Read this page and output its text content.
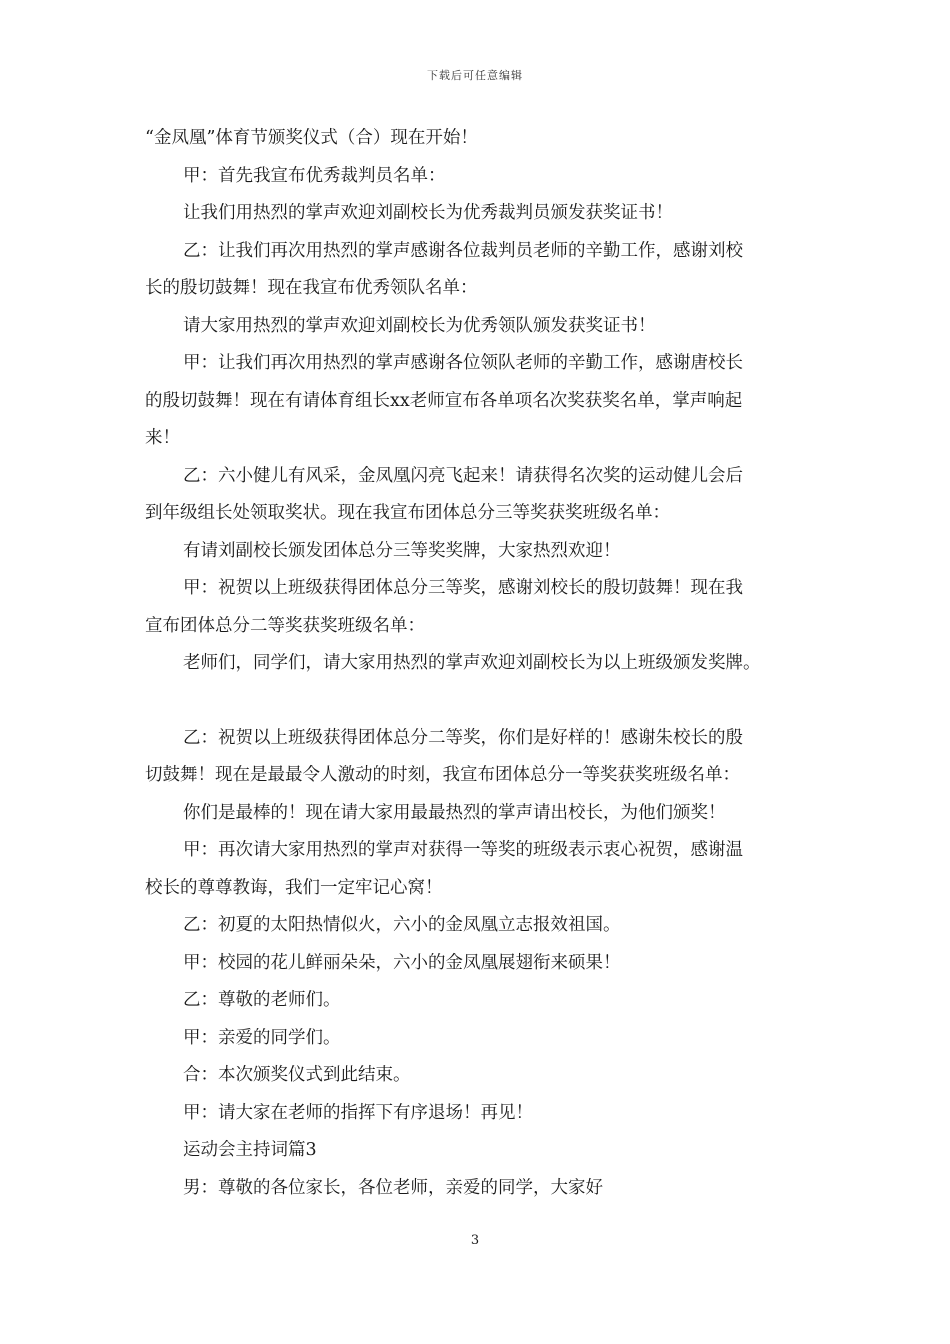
下载后可任意编辑
“金凤凰”体育节颁奖仪式（合）现在开始！
甲：首先我宣布优秀裁判员名单：
让我们用热烈的掌声欢迎刘副校长为优秀裁判员颁发获奖证书！
乙：让我们再次用热烈的掌声感谢各位裁判员老师的辛勤工作，感谢刘校
长的殷切鼓舞！现在我宣布优秀领队名单：
请大家用热烈的掌声欢迎刘副校长为优秀领队颁发获奖证书！
甲：让我们再次用热烈的掌声感谢各位领队老师的辛勤工作，感谢唐校长
的殷切鼓舞！现在有请体育组长xx老师宣布各单项名次奖获奖名单，掌声响起
来！
乙：六小健儿有风采，金凤凰闪亮飞起来！请获得名次奖的运动健儿会后
到年级组长处领取奖状。现在我宣布团体总分三等奖获奖班级名单：
有请刘副校长颁发团体总分三等奖奖牌，大家热烈欢迎！
甲：祝贺以上班级获得团体总分三等奖，感谢刘校长的殷切鼓舞！现在我
宣布团体总分二等奖获奖班级名单：
老师们，同学们，请大家用热烈的掌声欢迎刘副校长为以上班级颁发奖牌。
乙：祝贺以上班级获得团体总分二等奖，你们是好样的！感谢朱校长的殷
切鼓舞！现在是最最令人激动的时刻，我宣布团体总分一等奖获奖班级名单：
你们是最棒的！现在请大家用最最热烈的掌声请出校长，为他们颁奖！
甲：再次请大家用热烈的掌声对获得一等奖的班级表示衷心祝贺，感谢温
校长的尊尊教诲，我们一定牢记心窝！
乙：初夏的太阳热情似火，六小的金凤凰立志报效祖国。
甲：校园的花儿鲜丽朵朵，六小的金凤凰展翅衔来硕果！
乙：尊敬的老师们。
甲：亲爱的同学们。
合：本次颁奖仪式到此结束。
甲：请大家在老师的指挥下有序退场！再见！
运动会主持词篇3
男：尊敬的各位家长，各位老师，亲爱的同学，大家好
3
